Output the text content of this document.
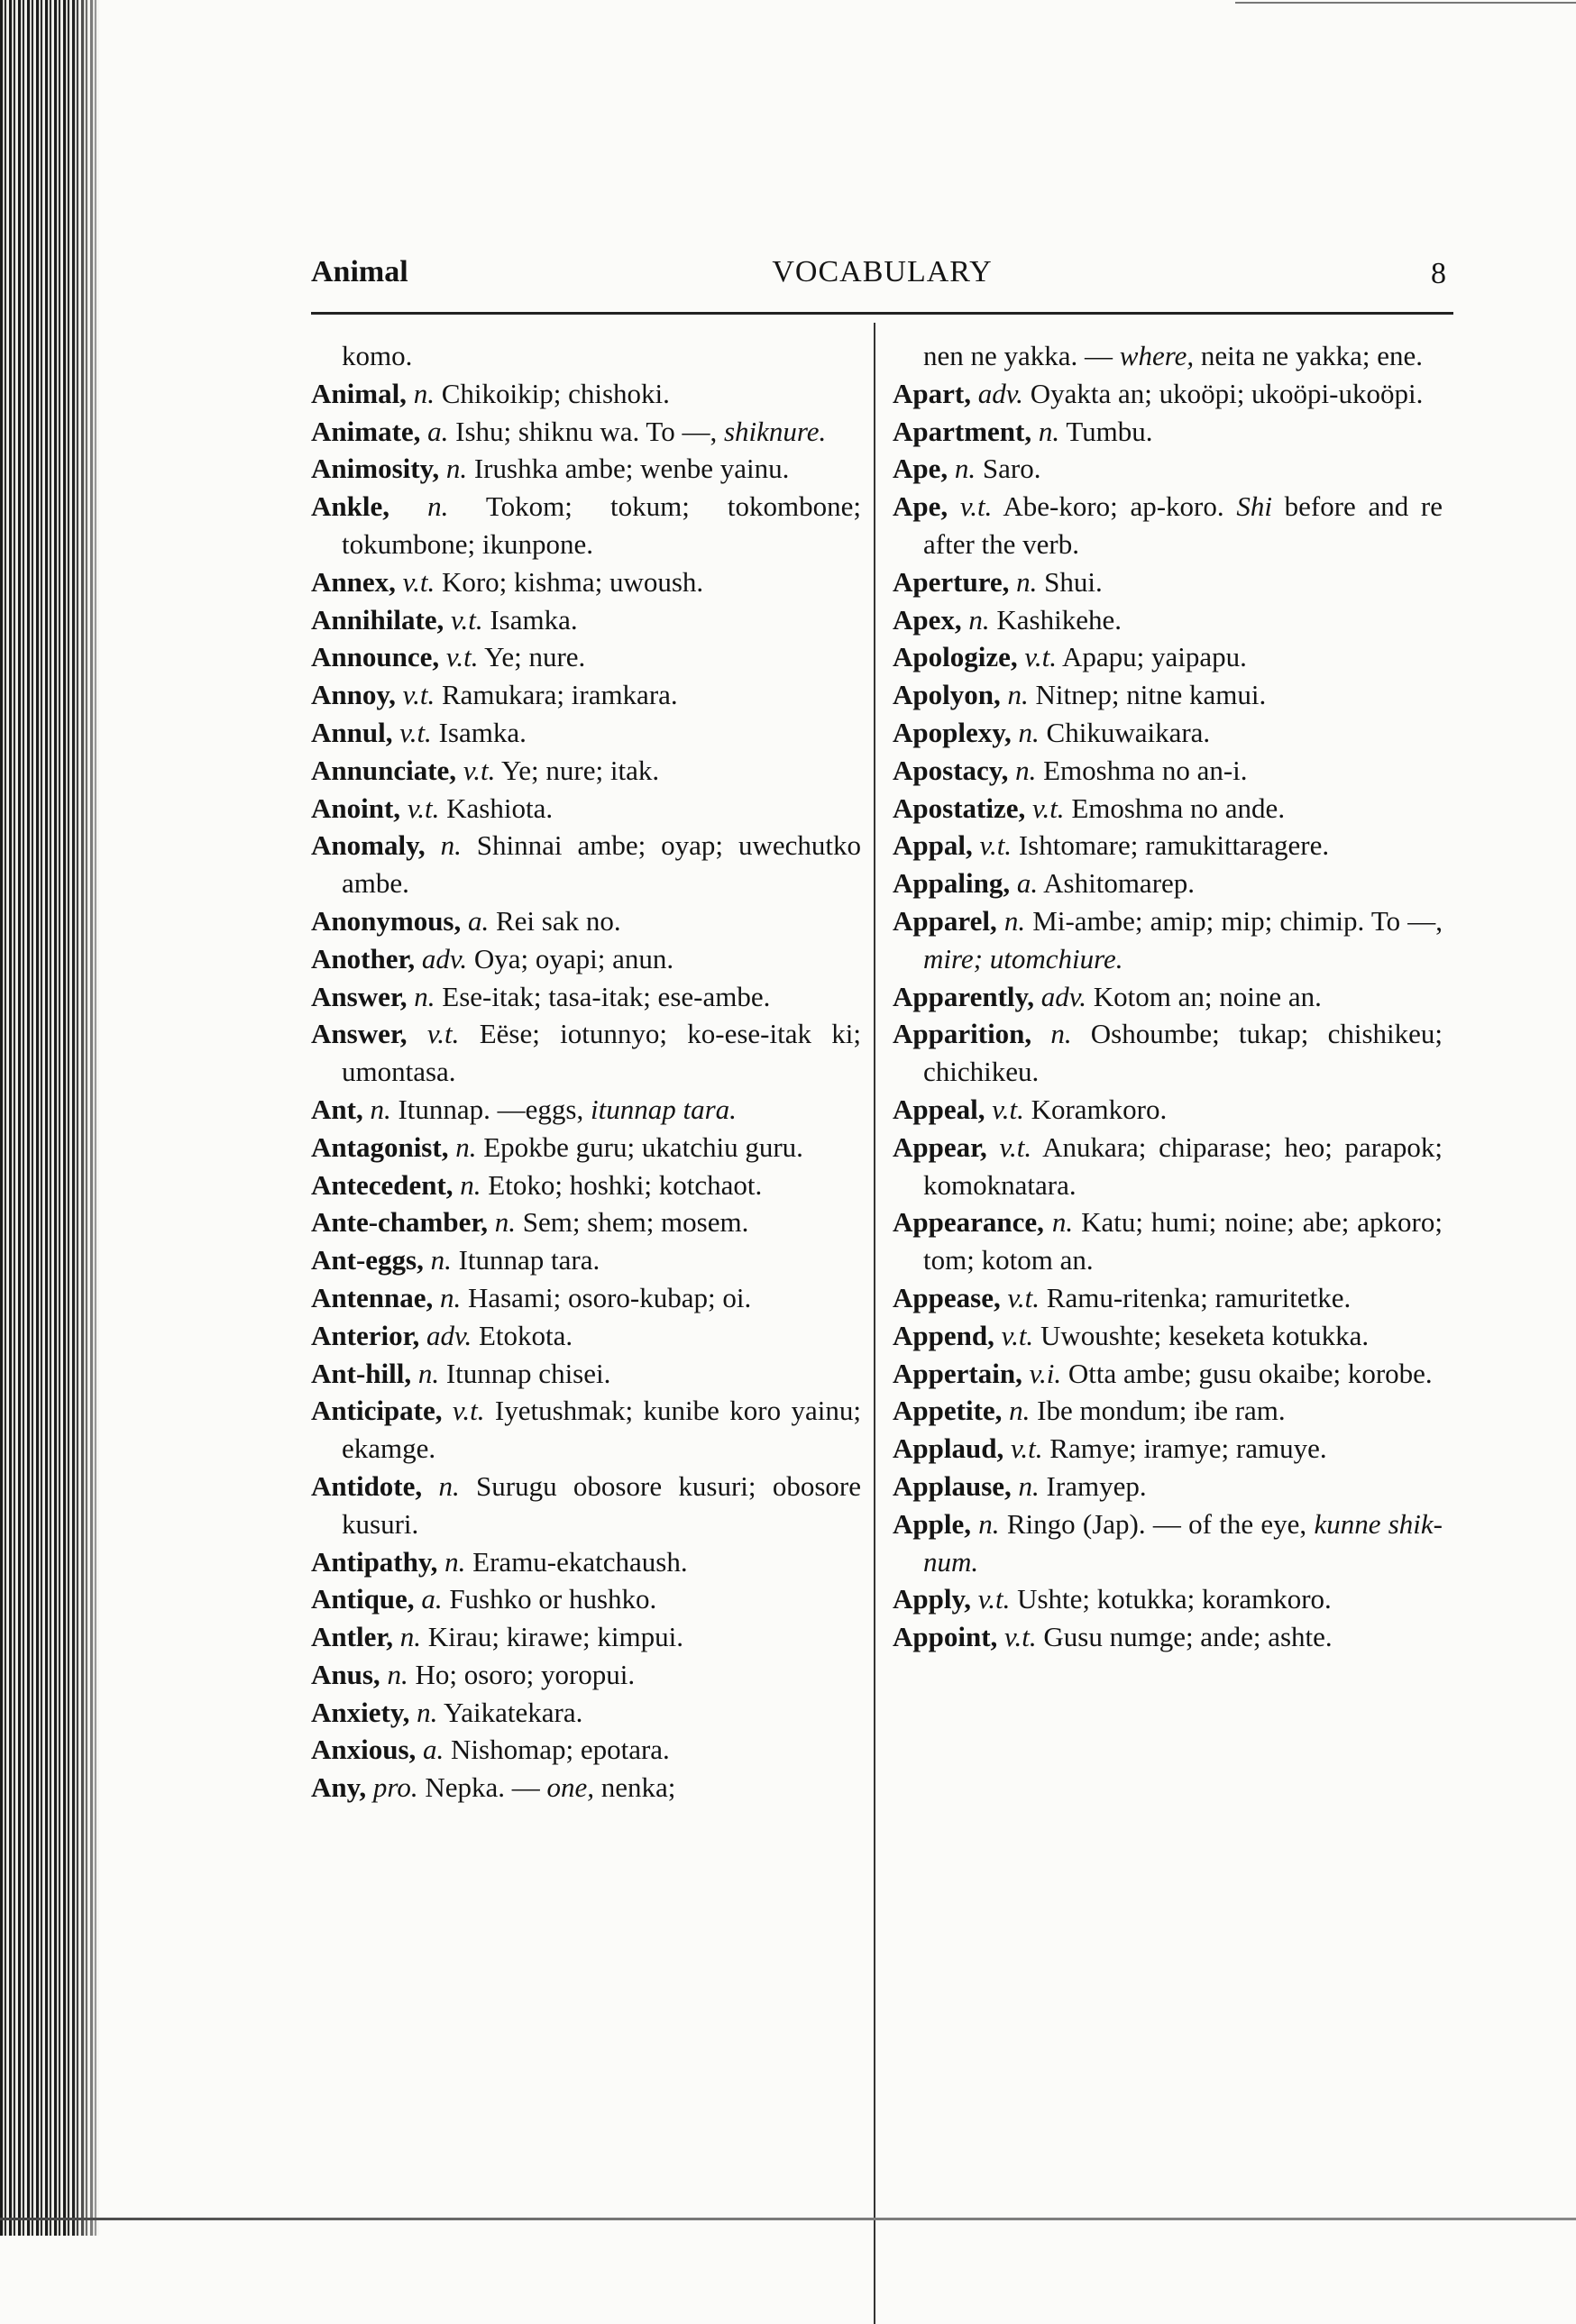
Animal	VOCABULARY	8
komo.
Animal, n. Chikoikip; chishoki.
Animate, a. Ishu; shiknu wa. To —, shiknure.
Animosity, n. Irushka ambe; wenbe yainu.
Ankle, n. Tokom; tokum; tokombone; tokumbone; ikunpone.
Annex, v.t. Koro; kishma; uwoush.
Annihilate, v.t. Isamka.
Announce, v.t. Ye; nure.
Annoy, v.t. Ramukara; iramkara.
Annul, v.t. Isamka.
Annunciate, v.t. Ye; nure; itak.
Anoint, v.t. Kashiota.
Anomaly, n. Shinnai ambe; oyap; uwechutko ambe.
Anonymous, a. Rei sak no.
Another, adv. Oya; oyapi; anun.
Answer, n. Ese-itak; tasa-itak; ese-ambe.
Answer, v.t. Eëse; iotunnyo; ko-ese-itak ki; umontasa.
Ant, n. Itunnap. —eggs, itunnap tara.
Antagonist, n. Epokbe guru; ukatchiu guru.
Antecedent, n. Etoko; hoshki; kotchaot.
Ante-chamber, n. Sem; shem; mosem.
Ant-eggs, n. Itunnap tara.
Antennae, n. Hasami; osoro-kubap; oi.
Anterior, adv. Etokota.
Ant-hill, n. Itunnap chisei.
Anticipate, v.t. Iyetushmak; kunibe koro yainu; ekamge.
Antidote, n. Surugu obosore kusuri; obosore kusuri.
Antipathy, n. Eramu-ekatchaush.
Antique, a. Fushko or hushko.
Antler, n. Kirau; kirawe; kimpui.
Anus, n. Ho; osoro; yoropui.
Anxiety, n. Yaikatekara.
Anxious, a. Nishomap; epotara.
Any, pro. Nepka. — one, nenka;
nen ne yakka. — where, neita ne yakka; ene.
Apart, adv. Oyakta an; ukoöpi; ukoöpi-ukoöpi.
Apartment, n. Tumbu.
Ape, n. Saro.
Ape, v.t. Abe-koro; ap-koro. Shi before and re after the verb.
Aperture, n. Shui.
Apex, n. Kashikehe.
Apologize, v.t. Apapu; yaipapu.
Apolyon, n. Nitnep; nitne kamui.
Apoplexy, n. Chikuwaikara.
Apostacy, n. Emoshma no an-i.
Apostatize, v.t. Emoshma no ande.
Appal, v.t. Ishtomare; ramukittaragere.
Appaling, a. Ashitomarep.
Apparel, n. Mi-ambe; amip; mip; chimip. To —, mire; utomchiure.
Apparently, adv. Kotom an; noine an.
Apparition, n. Oshoumbe; tukap; chishikeu; chichikeu.
Appeal, v.t. Koramkoro.
Appear, v.t. Anukara; chiparase; heo; parapok; komoknatara.
Appearance, n. Katu; humi; noine; abe; apkoro; tom; kotom an.
Appease, v.t. Ramu-ritenka; ramuritetke.
Append, v.t. Uwoushte; keseketa kotukka.
Appertain, v.i. Otta ambe; gusu okaibe; korobe.
Appetite, n. Ibe mondum; ibe ram.
Applaud, v.t. Ramye; iramye; ramuye.
Applause, n. Iramyep.
Apple, n. Ringo (Jap). — of the eye, kunne shik-num.
Apply, v.t. Ushte; kotukka; koramkoro.
Appoint, v.t. Gusu numge; ande; ashte.
